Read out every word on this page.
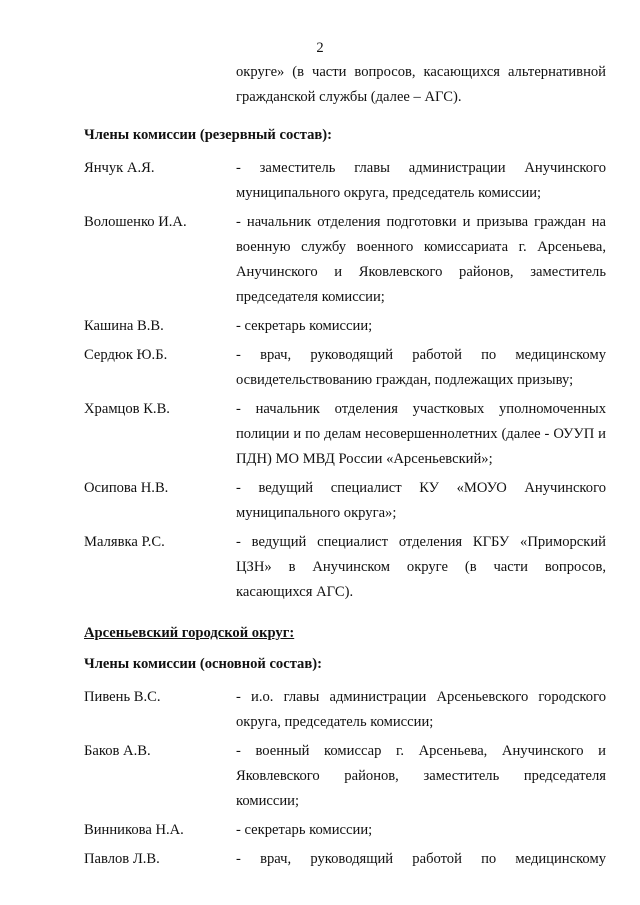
2
округе» (в части вопросов, касающихся альтернативной гражданской службы (далее – АГС).
Члены комиссии (резервный состав):
Янчук А.Я.	- заместитель главы администрации Анучинского муниципального округа, председатель комиссии;
Волошенко И.А.	- начальник отделения подготовки и призыва граждан на военную службу военного комиссариата г. Арсеньева, Анучинского и Яковлевского районов, заместитель председателя комиссии;
Кашина В.В.	- секретарь комиссии;
Сердюк Ю.Б.	- врач, руководящий работой по медицинскому освидетельствованию граждан, подлежащих призыву;
Храмцов К.В.	- начальник отделения участковых уполномоченных полиции и по делам несовершеннолетних (далее - ОУУП и ПДН) МО МВД России «Арсеньевский»;
Осипова Н.В.	- ведущий специалист КУ «МОУО Анучинского муниципального округа»;
Малявка Р.С.	- ведущий специалист отделения КГБУ «Приморский ЦЗН» в Анучинском округе (в части вопросов, касающихся АГС).
Арсеньевский городской округ:
Члены комиссии (основной состав):
Пивень В.С.	- и.о. главы администрации Арсеньевского городского округа, председатель комиссии;
Баков А.В.	- военный комиссар г. Арсеньева, Анучинского и Яковлевского районов, заместитель председателя комиссии;
Винникова Н.А.	- секретарь комиссии;
Павлов Л.В.	- врач, руководящий работой по медицинскому
